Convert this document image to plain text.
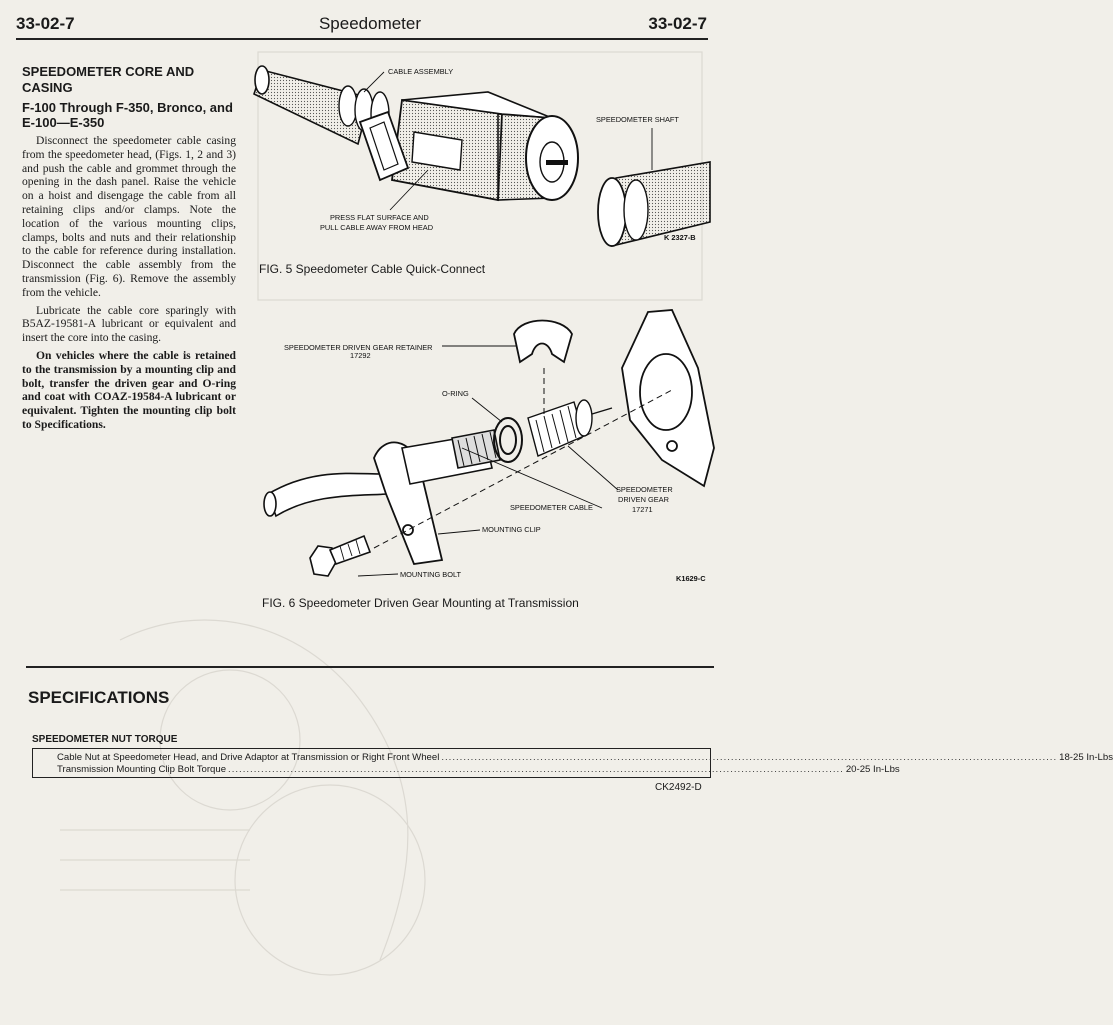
33-02-7	Speedometer	33-02-7
SPEEDOMETER CORE AND
CASING
F-100 Through F-350, Bronco, and E-100—E-350

Disconnect the speedometer cable casing from the speedometer head, (Figs. 1, 2 and 3) and push the cable and grommet through the opening in the dash panel. Raise the vehicle on a hoist and disengage the cable from all retaining clips and/or clamps. Note the location of the various mounting clips, clamps, bolts and nuts and their relationship to the cable for reference during installation. Disconnect the cable assembly from the transmission (Fig. 6). Remove the assembly from the vehicle.

Lubricate the cable core sparingly with B5AZ-19581-A lubricant or equivalent and insert the core into the casing.

On vehicles where the cable is retained to the transmission by a mounting clip and bolt, transfer the driven gear and O-ring and coat with COAZ-19584-A lubricant or equivalent. Tighten the mounting clip bolt to Specifications.

CABLE ASSEMBLY
SPEEDOMETER SHAFT
PRESS FLAT SURFACE AND
PULL CABLE AWAY FROM HEAD
K 2327-B
FIG. 5 Speedometer Cable Quick-Connect
SPEEDOMETER DRIVEN GEAR RETAINER
17292
O-RING
SPEEDOMETER
DRIVEN GEAR
17271
SPEEDOMETER CABLE
MOUNTING CLIP
MOUNTING BOLT	K1629-C
FIG. 6 Speedometer Driven Gear Mounting at Transmission
SPECIFICATIONS
SPEEDOMETER NUT TORQUE
Cable Nut at Speedometer Head, and Drive Adaptor at Transmission or Right Front Wheel ........................................................................................................................................................................ 18-25 In-Lbs
Transmission Mounting Clip Bolt Torque ........................................................................................................................................................................ 20-25 In-Lbs
CK2492-D
